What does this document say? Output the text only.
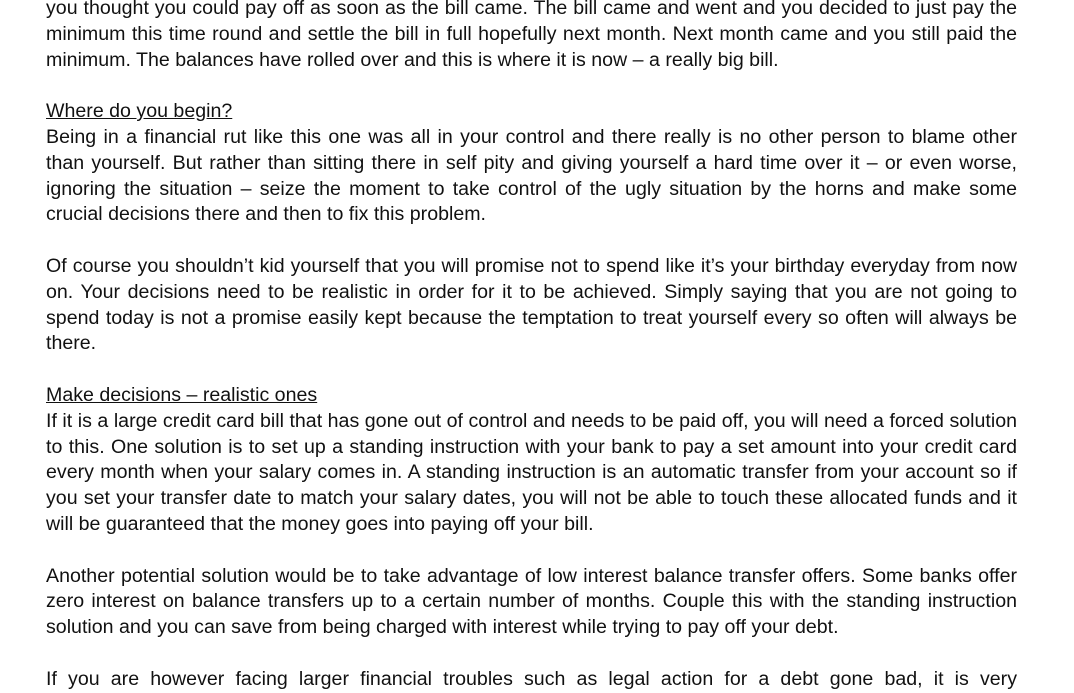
you thought you could pay off as soon as the bill came. The bill came and went and you decided to just pay the minimum this time round and settle the bill in full hopefully next month. Next month came and you still paid the minimum. The balances have rolled over and this is where it is now – a really big bill.

Where do you begin?

Being in a financial rut like this one was all in your control and there really is no other person to blame other than yourself. But rather than sitting there in self pity and giving yourself a hard time over it – or even worse, ignoring the situation – seize the moment to take control of the ugly situation by the horns and make some crucial decisions there and then to fix this problem.

Of course you shouldn’t kid yourself that you will promise not to spend like it’s your birthday everyday from now on. Your decisions need to be realistic in order for it to be achieved. Simply saying that you are not going to spend today is not a promise easily kept because the temptation to treat yourself every so often will always be there.

Make decisions – realistic ones

If it is a large credit card bill that has gone out of control and needs to be paid off, you will need a forced solution to this. One solution is to set up a standing instruction with your bank to pay a set amount into your credit card every month when your salary comes in. A standing instruction is an automatic transfer from your account so if you set your transfer date to match your salary dates, you will not be able to touch these allocated funds and it will be guaranteed that the money goes into paying off your bill.

Another potential solution would be to take advantage of low interest balance transfer offers. Some banks offer zero interest on balance transfers up to a certain number of months. Couple this with the standing instruction solution and you can save from being charged with interest while trying to pay off your debt.

If you are however facing larger financial troubles such as legal action for a debt gone bad, it is very
